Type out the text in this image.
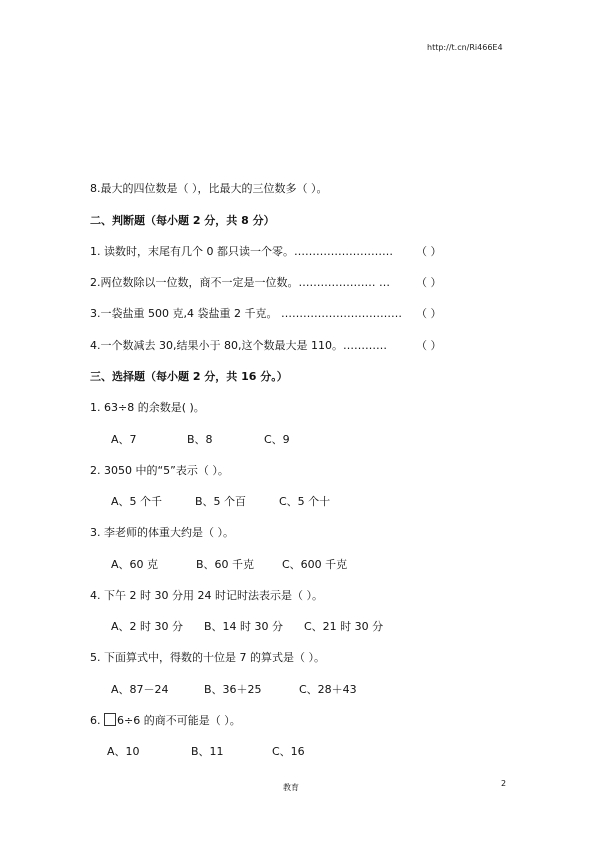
http://t.cn/Ri466E4
8.最大的四位数是（ ），比最大的三位数多（ ）。
二、判断题（每小题 2 分，共 8 分）
1. 读数时，末尾有几个 0 都只读一个零。……………………… （ ）
2.两位数除以一位数，商不一定是一位数。………………… … （ ）
3.一袋盐重 500 克,4 袋盐重 2 千克。 …………………………… （ ）
4.一个数减去 30,结果小于 80,这个数最大是 110。…………	（ ）
三、选择题（每小题 2 分，共 16 分。）
1. 63÷8 的余数是( )。
A、7	B、8	C、9
2. 3050 中的“5”表示（ ）。
A、5 个千	B、5 个百	C、5 个十
3. 李老师的体重大约是（ ）。
A、60 克	B、60 千克	C、600 千克
4. 下午 2 时 30 分用 24 时记时法表示是（ ）。
A、2 时 30 分 B、14 时 30 分 C、21 时 30 分
5. 下面算式中，得数的十位是 7 的算式是（ ）。
A、87－24	B、36＋25	C、28＋43
6. 6÷6 的商不可能是（ ）。
A、10	B、11	C、16
教育	2
